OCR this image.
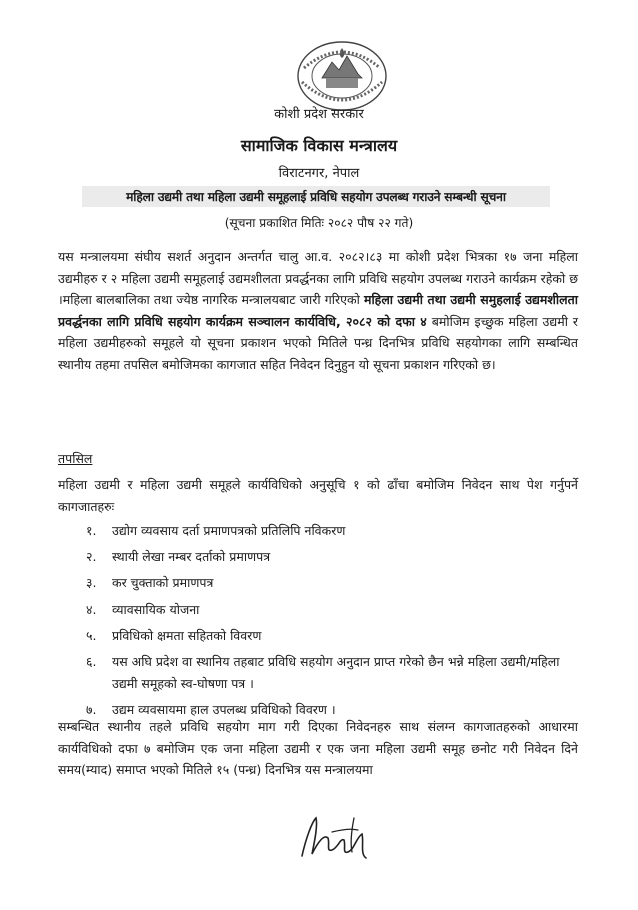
कोशी प्रदेश सरकार
सामाजिक विकास मन्त्रालय
विराटनगर, नेपाल
महिला उद्यमी तथा महिला उद्यमी समूहलाई प्रविधि सहयोग उपलब्ध गराउने सम्बन्धी सूचना
(सूचना प्रकाशित मितिः २०८२ पौष २२ गते)
यस मन्त्रालयमा संघीय सशर्त अनुदान अन्तर्गत चालु आ.व. २०८२।८३ मा कोशी प्रदेश भित्रका १७ जना महिला उद्यमीहरु र २ महिला उद्यमी समूहलाई उद्यमशीलता प्रवर्द्धनका लागि प्रविधि सहयोग उपलब्ध गराउने कार्यक्रम रहेको छ ।महिला बालबालिका तथा ज्येष्ठ नागरिक मन्त्रालयबाट जारी गरिएको महिला उद्यमी तथा उद्यमी समुहलाई उद्यमशीलता प्रवर्द्धनका लागि प्रविधि सहयोग कार्यक्रम सञ्चालन कार्यविधि, २०८२ को दफा ४ बमोजिम इच्छुक महिला उद्यमी र महिला उद्यमीहरुको समूहले यो सूचना प्रकाशन भएको मितिले पन्ध्र दिनभित्र प्रविधि सहयोगका लागि सम्बन्धित स्थानीय तहमा तपसिल बमोजिमका कागजात सहित निवेदन दिनुहुन यो सूचना प्रकाशन गरिएको छ।
तपसिल
महिला उद्यमी र महिला उद्यमी समूहले कार्यविधिको अनुसूचि १ को ढाँचा बमोजिम निवेदन साथ पेश गर्नुपर्ने कागजातहरुः
१. उद्योग व्यवसाय दर्ता प्रमाणपत्रको प्रतिलिपि नविकरण
२. स्थायी लेखा नम्बर दर्ताको प्रमाणपत्र
३. कर चुक्ताको प्रमाणपत्र
४. व्यावसायिक योजना
५. प्रविधिको क्षमता सहितको विवरण
६. यस अघि प्रदेश वा स्थानिय तहबाट प्रविधि सहयोग अनुदान प्राप्त गरेको छैन भन्ने महिला उद्यमी/महिला उद्यमी समूहको स्व-घोषणा पत्र ।
७. उद्यम व्यवसायमा हाल उपलब्ध प्रविधिको विवरण ।
सम्बन्धित स्थानीय तहले प्रविधि सहयोग माग गरी दिएका निवेदनहरु साथ संलग्न कागजातहरुको आधारमा कार्यविधिको दफा ७ बमोजिम एक जना महिला उद्यमी र एक जना महिला उद्यमी समूह छनोट गरी निवेदन दिने समय(म्याद) समाप्त भएको मितिले १५ (पन्ध्र) दिनभित्र यस मन्त्रालयमा
